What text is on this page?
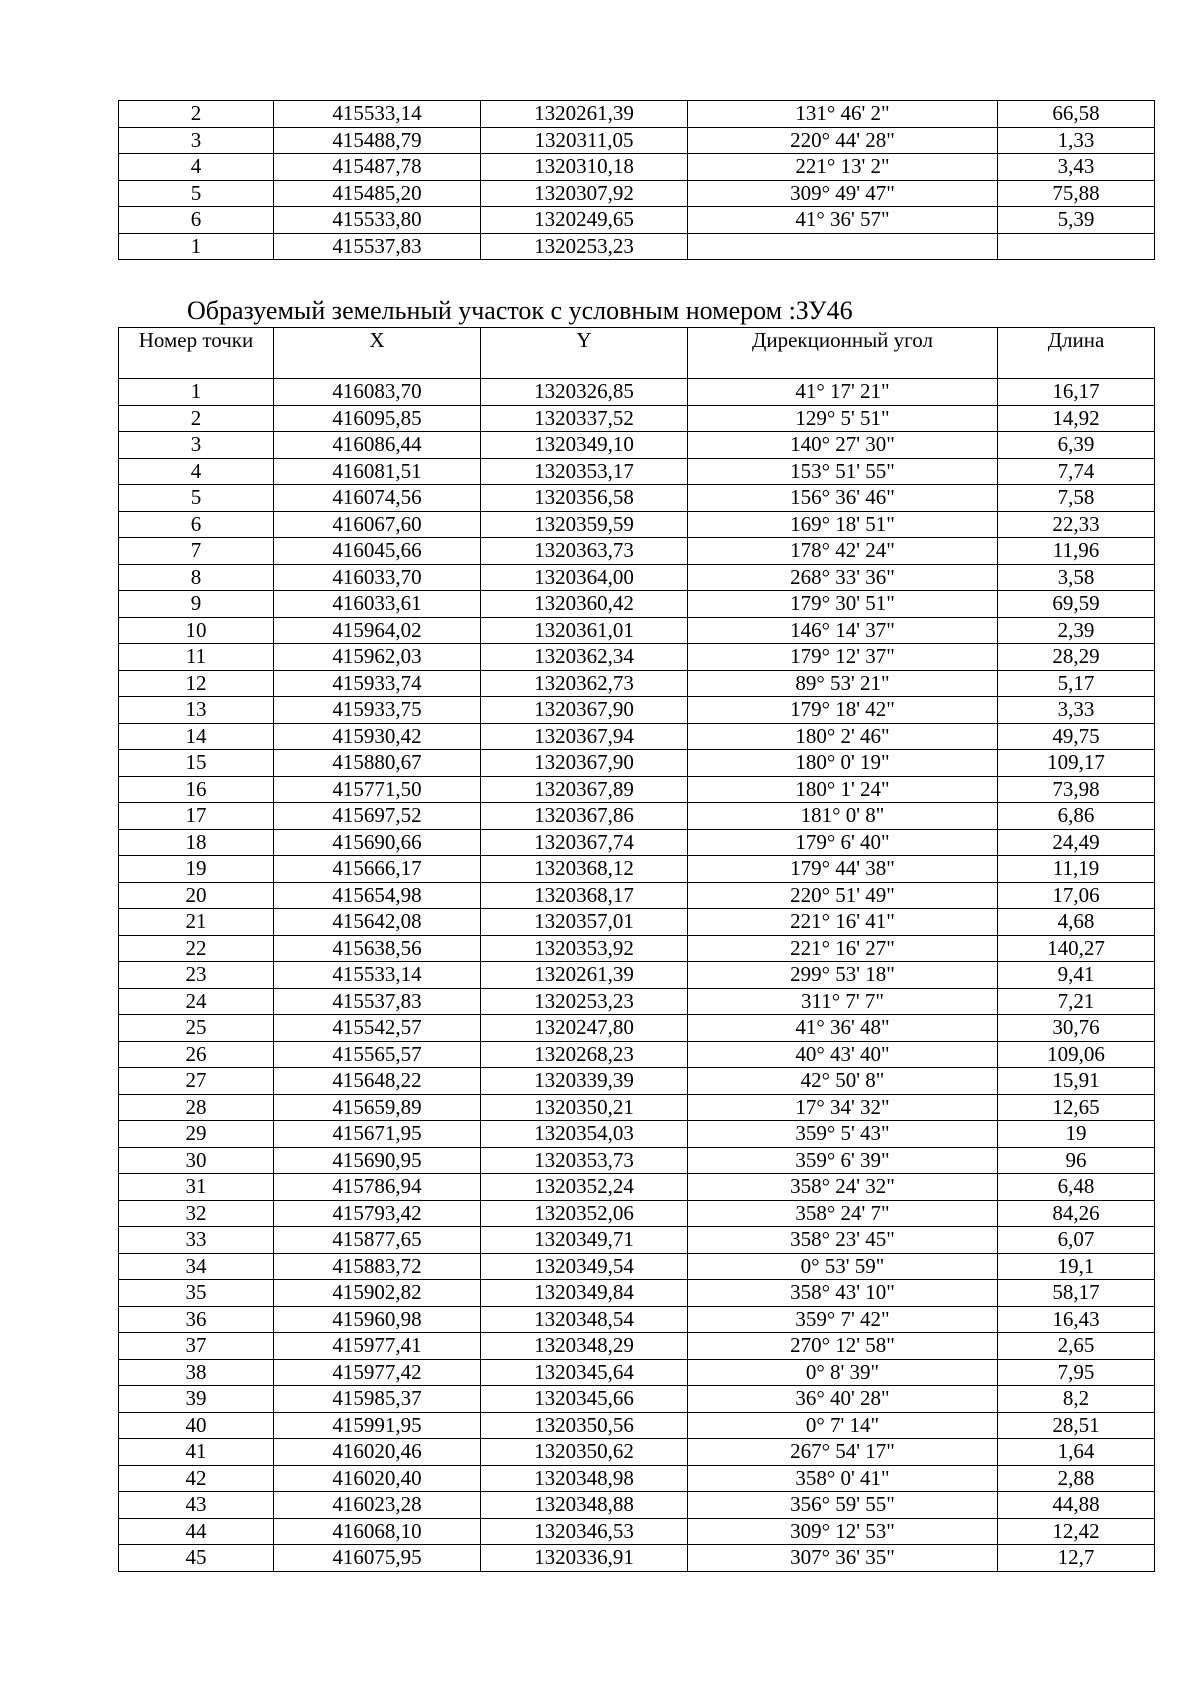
2	415533,14	1320261,39	131° 46' 2"	66,58
3	415488,79	1320311,05	220° 44' 28"	1,33
4	415487,78	1320310,18	221° 13' 2"	3,43
5	415485,20	1320307,92	309° 49' 47"	75,88
6	415533,80	1320249,65	41° 36' 57"	5,39
1	415537,83	1320253,23		
Образуемый земельный участок с условным номером :ЗУ46
Номер точки	X	Y	Дирекционный угол	Длина
1	416083,70	1320326,85	41° 17' 21"	16,17
2	416095,85	1320337,52	129° 5' 51"	14,92
3	416086,44	1320349,10	140° 27' 30"	6,39
4	416081,51	1320353,17	153° 51' 55"	7,74
5	416074,56	1320356,58	156° 36' 46"	7,58
6	416067,60	1320359,59	169° 18' 51"	22,33
7	416045,66	1320363,73	178° 42' 24"	11,96
8	416033,70	1320364,00	268° 33' 36"	3,58
9	416033,61	1320360,42	179° 30' 51"	69,59
10	415964,02	1320361,01	146° 14' 37"	2,39
11	415962,03	1320362,34	179° 12' 37"	28,29
12	415933,74	1320362,73	89° 53' 21"	5,17
13	415933,75	1320367,90	179° 18' 42"	3,33
14	415930,42	1320367,94	180° 2' 46"	49,75
15	415880,67	1320367,90	180° 0' 19"	109,17
16	415771,50	1320367,89	180° 1' 24"	73,98
17	415697,52	1320367,86	181° 0' 8"	6,86
18	415690,66	1320367,74	179° 6' 40"	24,49
19	415666,17	1320368,12	179° 44' 38"	11,19
20	415654,98	1320368,17	220° 51' 49"	17,06
21	415642,08	1320357,01	221° 16' 41"	4,68
22	415638,56	1320353,92	221° 16' 27"	140,27
23	415533,14	1320261,39	299° 53' 18"	9,41
24	415537,83	1320253,23	311° 7' 7"	7,21
25	415542,57	1320247,80	41° 36' 48"	30,76
26	415565,57	1320268,23	40° 43' 40"	109,06
27	415648,22	1320339,39	42° 50' 8"	15,91
28	415659,89	1320350,21	17° 34' 32"	12,65
29	415671,95	1320354,03	359° 5' 43"	19
30	415690,95	1320353,73	359° 6' 39"	96
31	415786,94	1320352,24	358° 24' 32"	6,48
32	415793,42	1320352,06	358° 24' 7"	84,26
33	415877,65	1320349,71	358° 23' 45"	6,07
34	415883,72	1320349,54	0° 53' 59"	19,1
35	415902,82	1320349,84	358° 43' 10"	58,17
36	415960,98	1320348,54	359° 7' 42"	16,43
37	415977,41	1320348,29	270° 12' 58"	2,65
38	415977,42	1320345,64	0° 8' 39"	7,95
39	415985,37	1320345,66	36° 40' 28"	8,2
40	415991,95	1320350,56	0° 7' 14"	28,51
41	416020,46	1320350,62	267° 54' 17"	1,64
42	416020,40	1320348,98	358° 0' 41"	2,88
43	416023,28	1320348,88	356° 59' 55"	44,88
44	416068,10	1320346,53	309° 12' 53"	12,42
45	416075,95	1320336,91	307° 36' 35"	12,7
